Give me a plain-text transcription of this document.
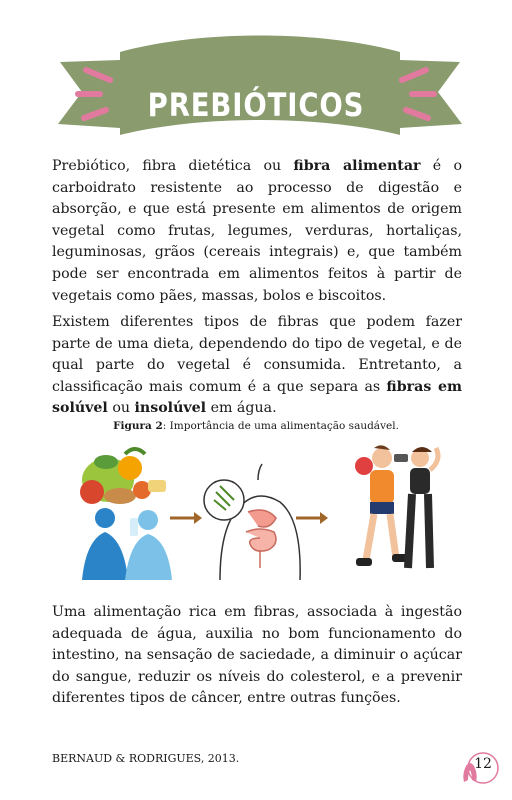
PREBIÓTICOS

Prebiótico, fibra dietética ou fibra alimentar é o carboidrato resistente ao processo de digestão e absorção, e que está presente em alimentos de origem vegetal como frutas, legumes, verduras, hortaliças, leguminosas, grãos (cereais integrais) e, que também pode ser encontrada em alimentos feitos à partir de vegetais como pães, massas, bolos e biscoitos.

Existem diferentes tipos de fibras que podem fazer parte de uma dieta, dependendo do tipo de vegetal, e de qual parte do vegetal é consumida. Entretanto, a classificação mais comum é a que separa as fibras em solúvel ou insolúvel em água.

Figura 2: Importância de uma alimentação saudável.

Uma alimentação rica em fibras, associada à ingestão adequada de água, auxilia no bom funcionamento do intestino, na sensação de saciedade, a diminuir o açúcar do sangue, reduzir os níveis do colesterol, e a prevenir diferentes tipos de câncer, entre outras funções.

BERNAUD & RODRIGUES, 2013.	12
